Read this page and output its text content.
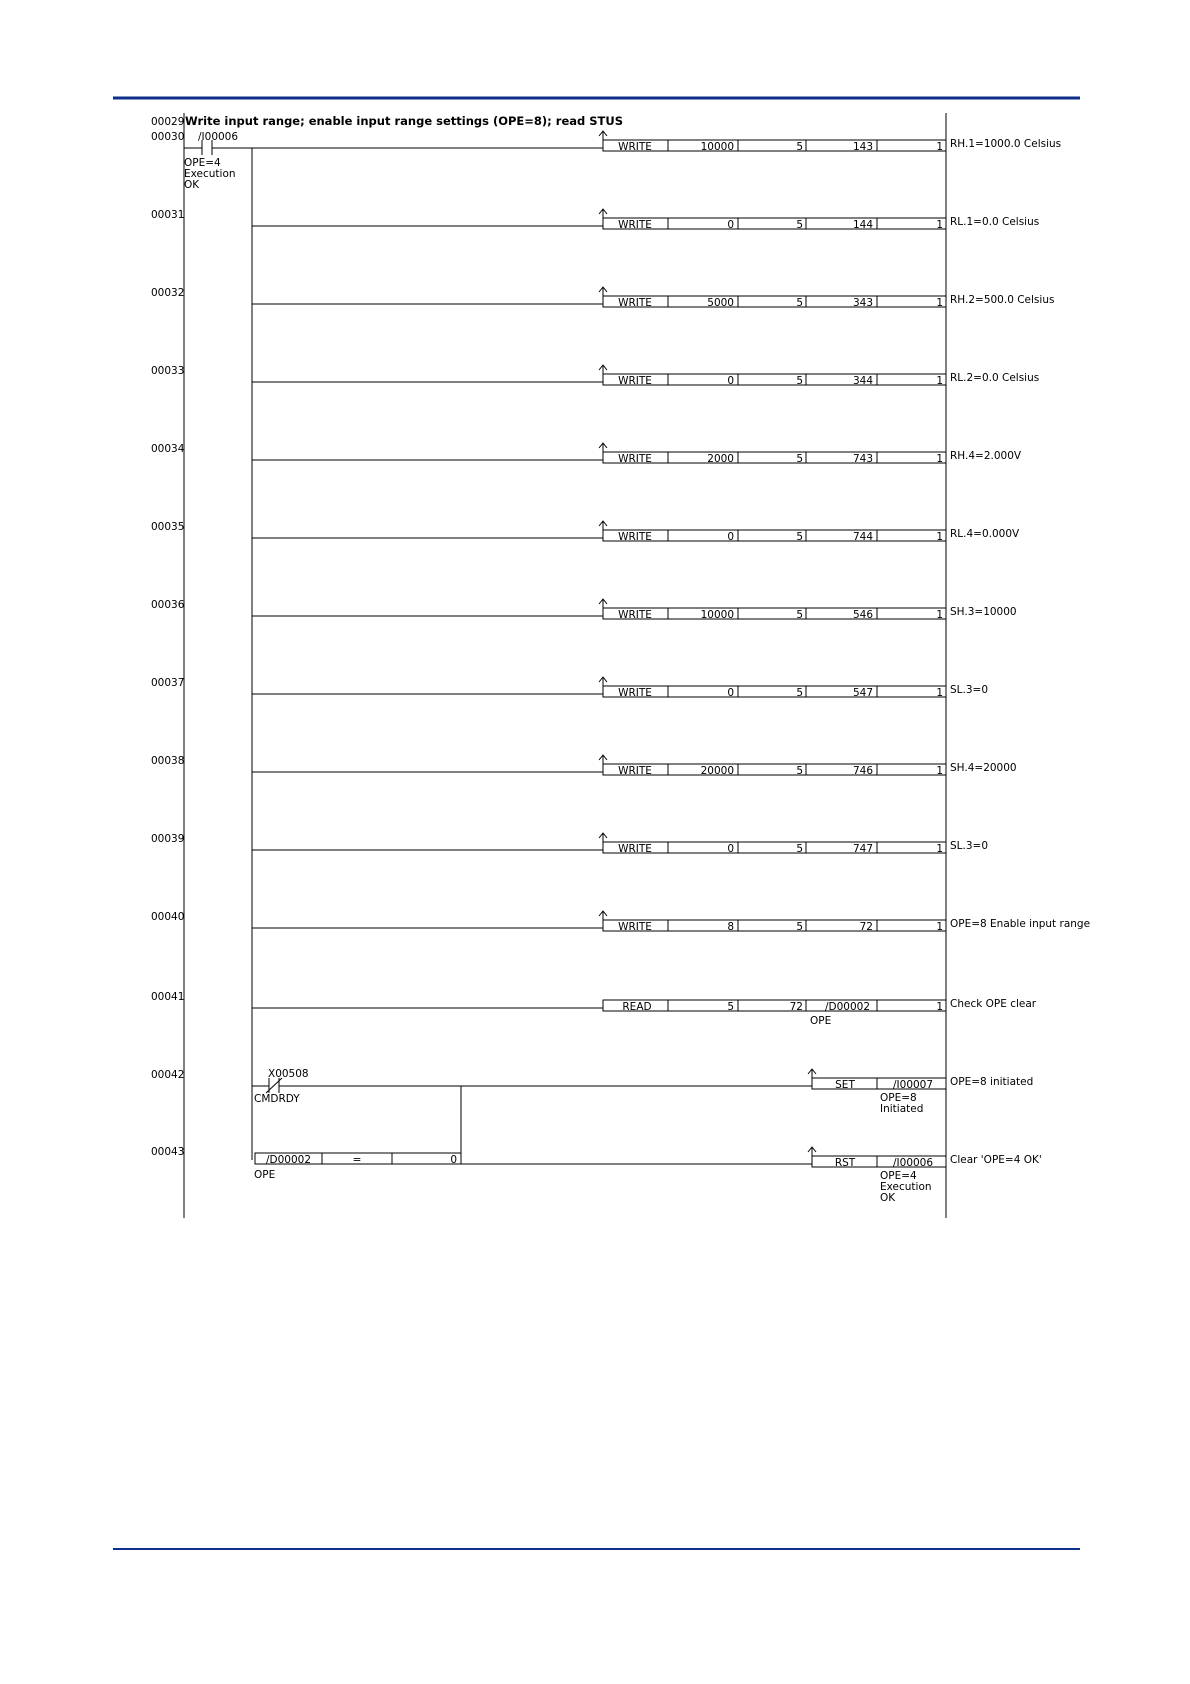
00029 Write input range; enable input range settings (OPE=8); read STUS
00030 /I00006
OPE=4
Execution
OK
WRITE	10000	5	143	1 RH.1=1000.0 Celsius
00031
WRITE	0	5	144	1 RL.1=0.0 Celsius
00032
WRITE	5000	5	343	1 RH.2=500.0 Celsius
00033
WRITE	0	5	344	1 RL.2=0.0 Celsius
00034
WRITE	2000	5	743	1 RH.4=2.000V
00035
WRITE	0	5	744	1 RL.4=0.000V
00036
WRITE	10000	5	546	1 SH.3=10000
00037
WRITE	0	5	547	1 SL.3=0
00038
WRITE	20000	5	746	1 SH.4=20000
00039
WRITE	0	5	747	1 SL.3=0
00040
WRITE	8	5	72	1 OPE=8 Enable input range
00041
READ	5	72 /D00002	1
OPE
Check OPE clear
00042	X00508
CMDRDY
SET	/I00007
OPE=8
Initiated
OPE=8 initiated
00043
/D00002	=	0
OPE
RST	/I00006
OPE=4
Execution
OK
Clear 'OPE=4 OK'
